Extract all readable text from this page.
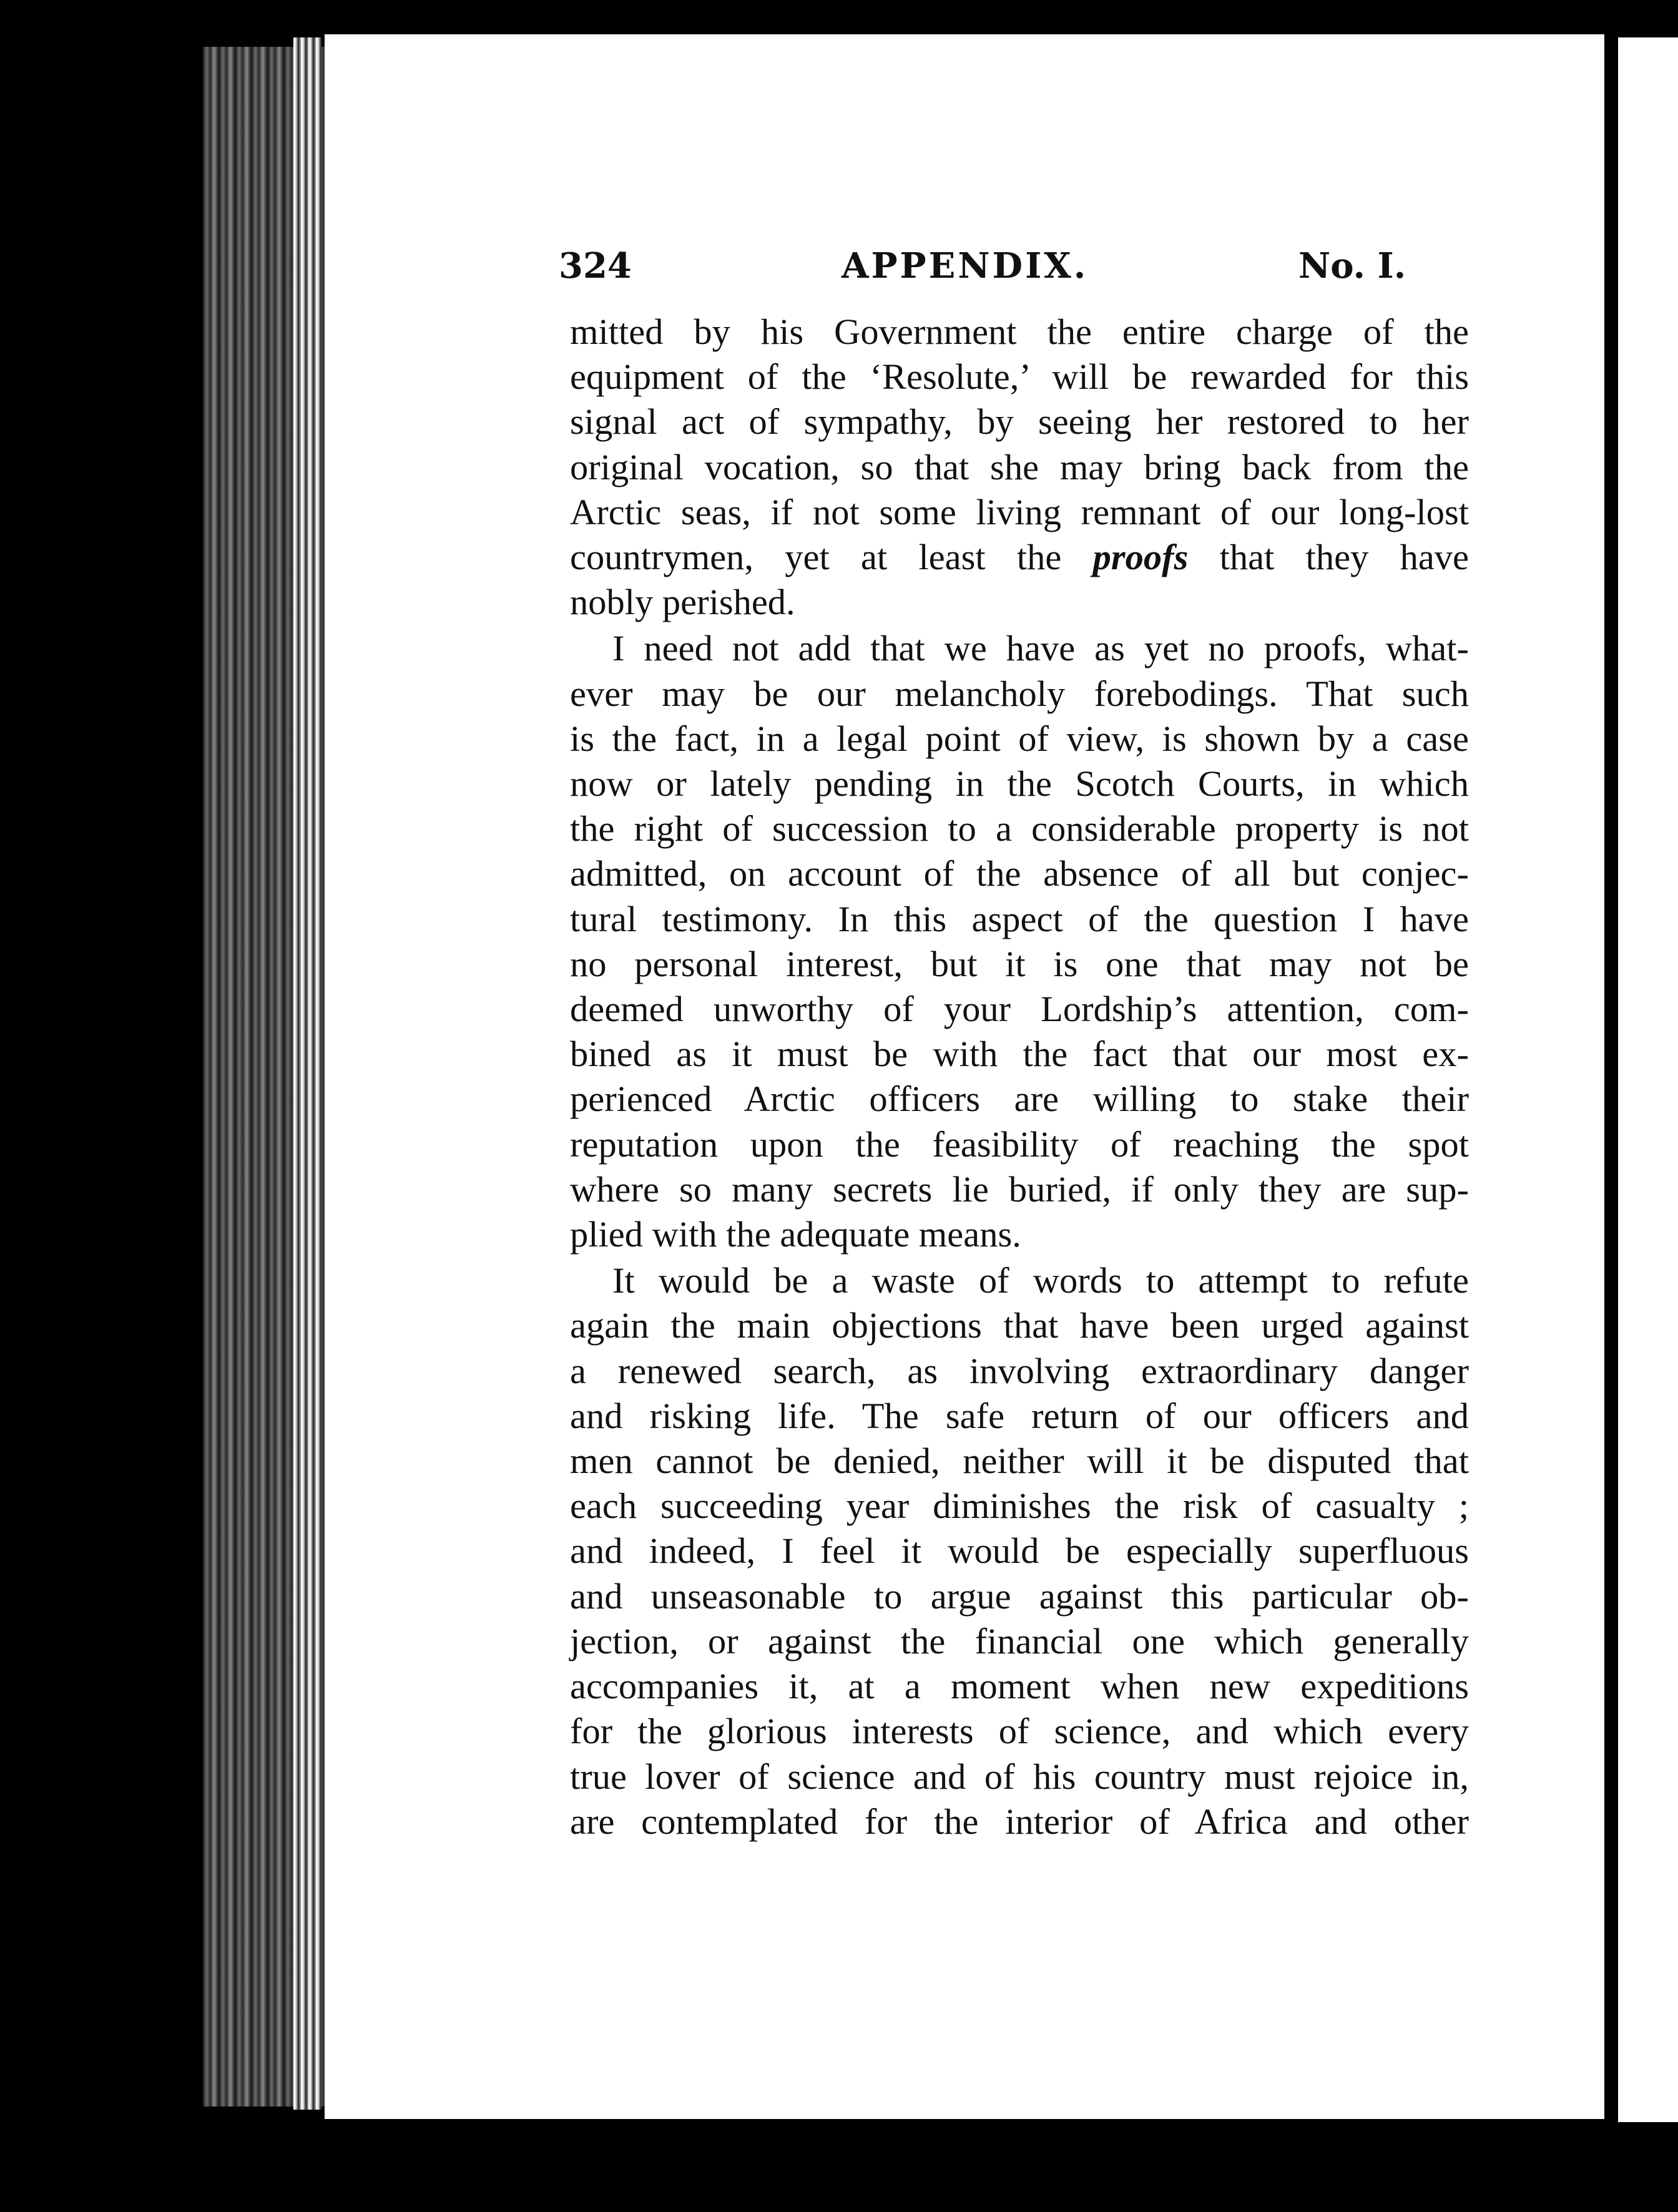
324	APPENDIX.	No. I.
mitted by his Government the entire charge of the
equipment of the ‘Resolute,’ will be rewarded for this
signal act of sympathy, by seeing her restored to her
original vocation, so that she may bring back from the
Arctic seas, if not some living remnant of our long-lost
countrymen, yet at least the proofs that they have
nobly perished.
I need not add that we have as yet no proofs, what-
ever may be our melancholy forebodings. That such
is the fact, in a legal point of view, is shown by a case
now or lately pending in the Scotch Courts, in which
the right of succession to a considerable property is not
admitted, on account of the absence of all but conjec-
tural testimony. In this aspect of the question I have
no personal interest, but it is one that may not be
deemed unworthy of your Lordship’s attention, com-
bined as it must be with the fact that our most ex-
perienced Arctic officers are willing to stake their
reputation upon the feasibility of reaching the spot
where so many secrets lie buried, if only they are sup-
plied with the adequate means.
It would be a waste of words to attempt to refute
again the main objections that have been urged against
a renewed search, as involving extraordinary danger
and risking life. The safe return of our officers and
men cannot be denied, neither will it be disputed that
each succeeding year diminishes the risk of casualty ;
and indeed, I feel it would be especially superfluous
and unseasonable to argue against this particular ob-
jection, or against the financial one which generally
accompanies it, at a moment when new expeditions
for the glorious interests of science, and which every
true lover of science and of his country must rejoice in,
are contemplated for the interior of Africa and other
